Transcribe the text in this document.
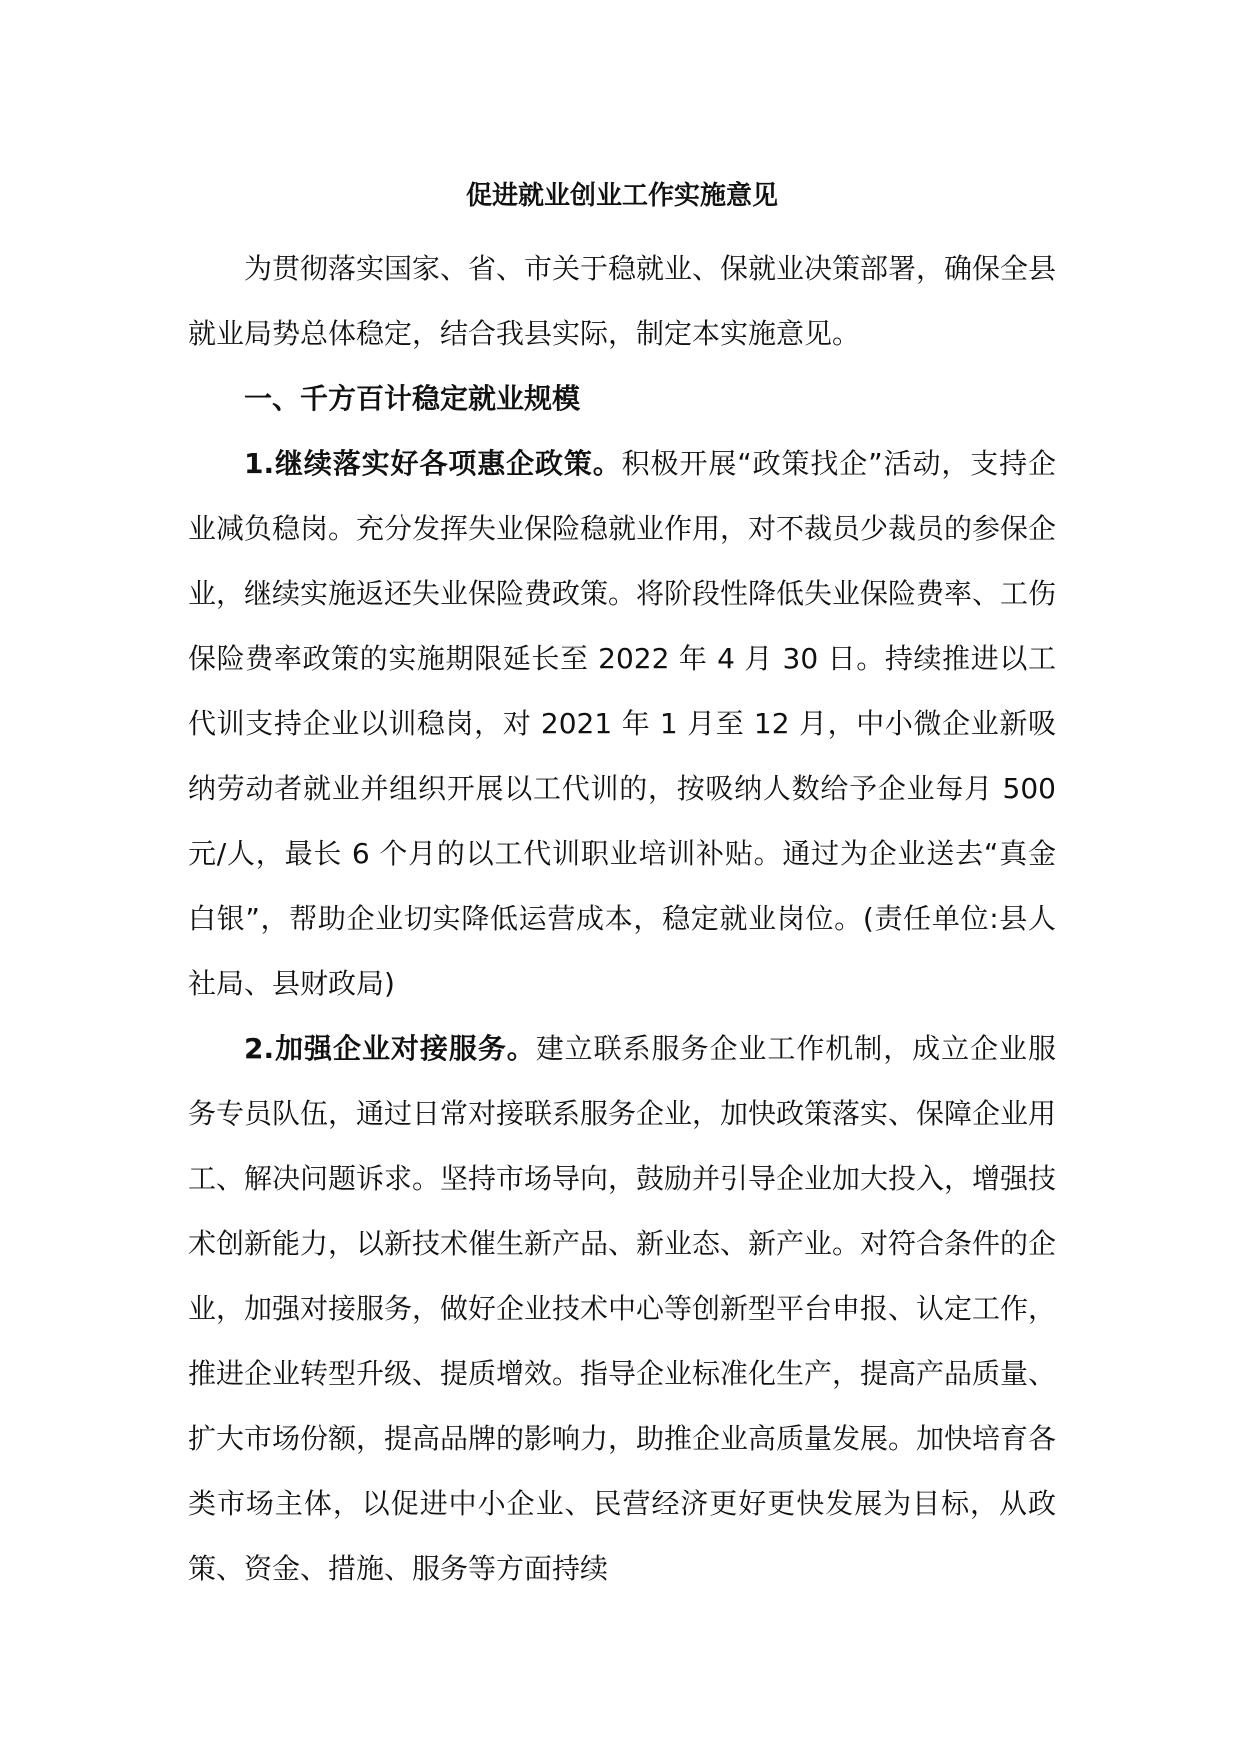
促进就业创业工作实施意见

为贯彻落实国家、省、市关于稳就业、保就业决策部署，确保全县就业局势总体稳定，结合我县实际，制定本实施意见。

一、千方百计稳定就业规模

1.继续落实好各项惠企政策。积极开展“政策找企”活动，支持企业减负稳岗。充分发挥失业保险稳就业作用，对不裁员少裁员的参保企业，继续实施返还失业保险费政策。将阶段性降低失业保险费率、工伤保险费率政策的实施期限延长至 2022 年 4 月 30 日。持续推进以工代训支持企业以训稳岗，对 2021 年 1 月至 12 月，中小微企业新吸纳劳动者就业并组织开展以工代训的，按吸纳人数给予企业每月 500 元/人，最长 6 个月的以工代训职业培训补贴。通过为企业送去“真金白银”，帮助企业切实降低运营成本，稳定就业岗位。(责任单位:县人社局、县财政局)

2.加强企业对接服务。建立联系服务企业工作机制，成立企业服务专员队伍，通过日常对接联系服务企业，加快政策落实、保障企业用工、解决问题诉求。坚持市场导向，鼓励并引导企业加大投入，增强技术创新能力，以新技术催生新产品、新业态、新产业。对符合条件的企业，加强对接服务，做好企业技术中心等创新型平台申报、认定工作，推进企业转型升级、提质增效。指导企业标准化生产，提高产品质量、扩大市场份额，提高品牌的影响力，助推企业高质量发展。加快培育各类市场主体，以促进中小企业、民营经济更好更快发展为目标，从政策、资金、措施、服务等方面持续
